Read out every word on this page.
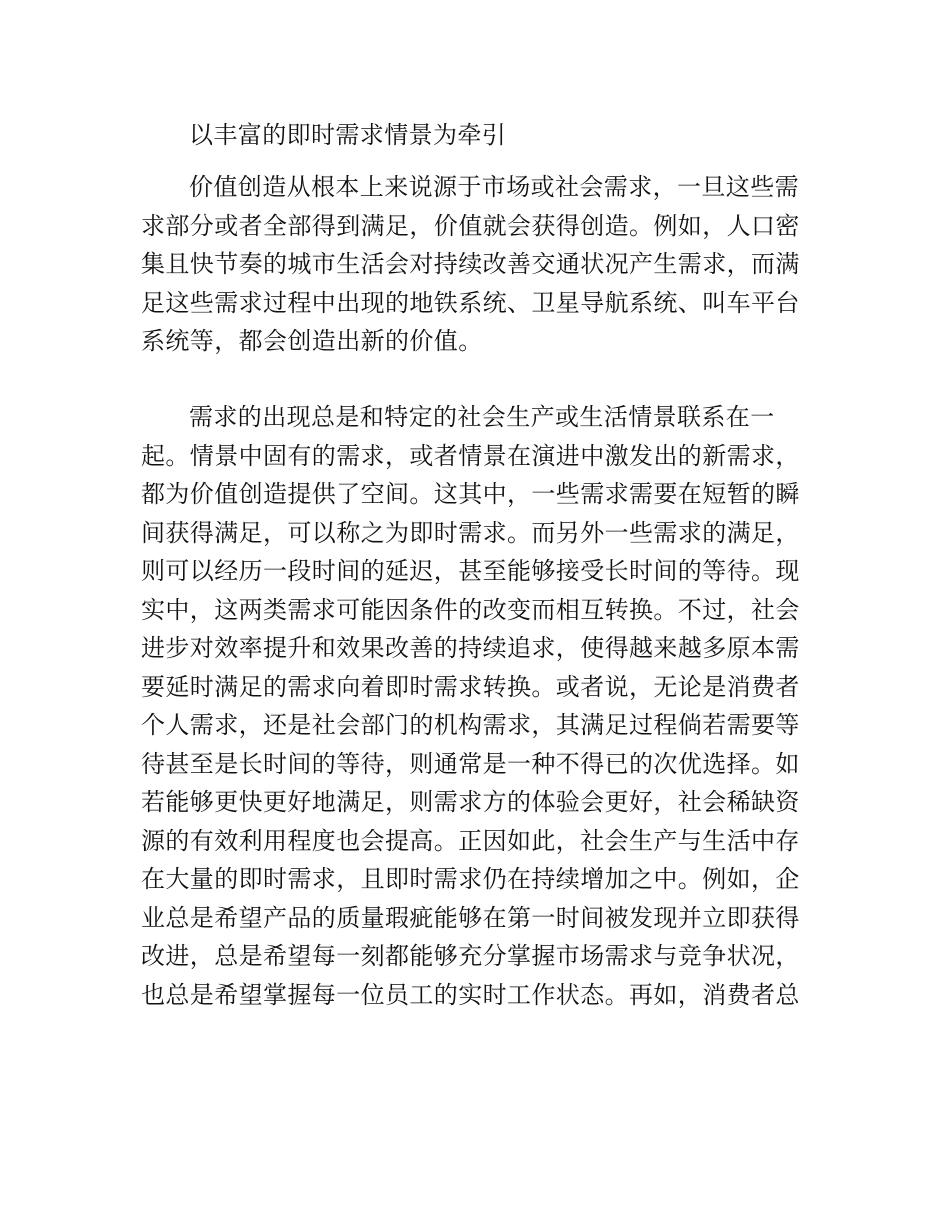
以丰富的即时需求情景为牵引
价值创造从根本上来说源于市场或社会需求，一旦这些需
求部分或者全部得到满足，价值就会获得创造。例如，人口密
集且快节奏的城市生活会对持续改善交通状况产生需求，而满
足这些需求过程中出现的地铁系统、卫星导航系统、叫车平台
系统等，都会创造出新的价值。
需求的出现总是和特定的社会生产或生活情景联系在一
起。情景中固有的需求，或者情景在演进中激发出的新需求，
都为价值创造提供了空间。这其中，一些需求需要在短暂的瞬
间获得满足，可以称之为即时需求。而另外一些需求的满足，
则可以经历一段时间的延迟，甚至能够接受长时间的等待。现
实中，这两类需求可能因条件的改变而相互转换。不过，社会
进步对效率提升和效果改善的持续追求，使得越来越多原本需
要延时满足的需求向着即时需求转换。或者说，无论是消费者
个人需求，还是社会部门的机构需求，其满足过程倘若需要等
待甚至是长时间的等待，则通常是一种不得已的次优选择。如
若能够更快更好地满足，则需求方的体验会更好，社会稀缺资
源的有效利用程度也会提高。正因如此，社会生产与生活中存
在大量的即时需求，且即时需求仍在持续增加之中。例如，企
业总是希望产品的质量瑕疵能够在第一时间被发现并立即获得
改进，总是希望每一刻都能够充分掌握市场需求与竞争状况，
也总是希望掌握每一位员工的实时工作状态。再如，消费者总
